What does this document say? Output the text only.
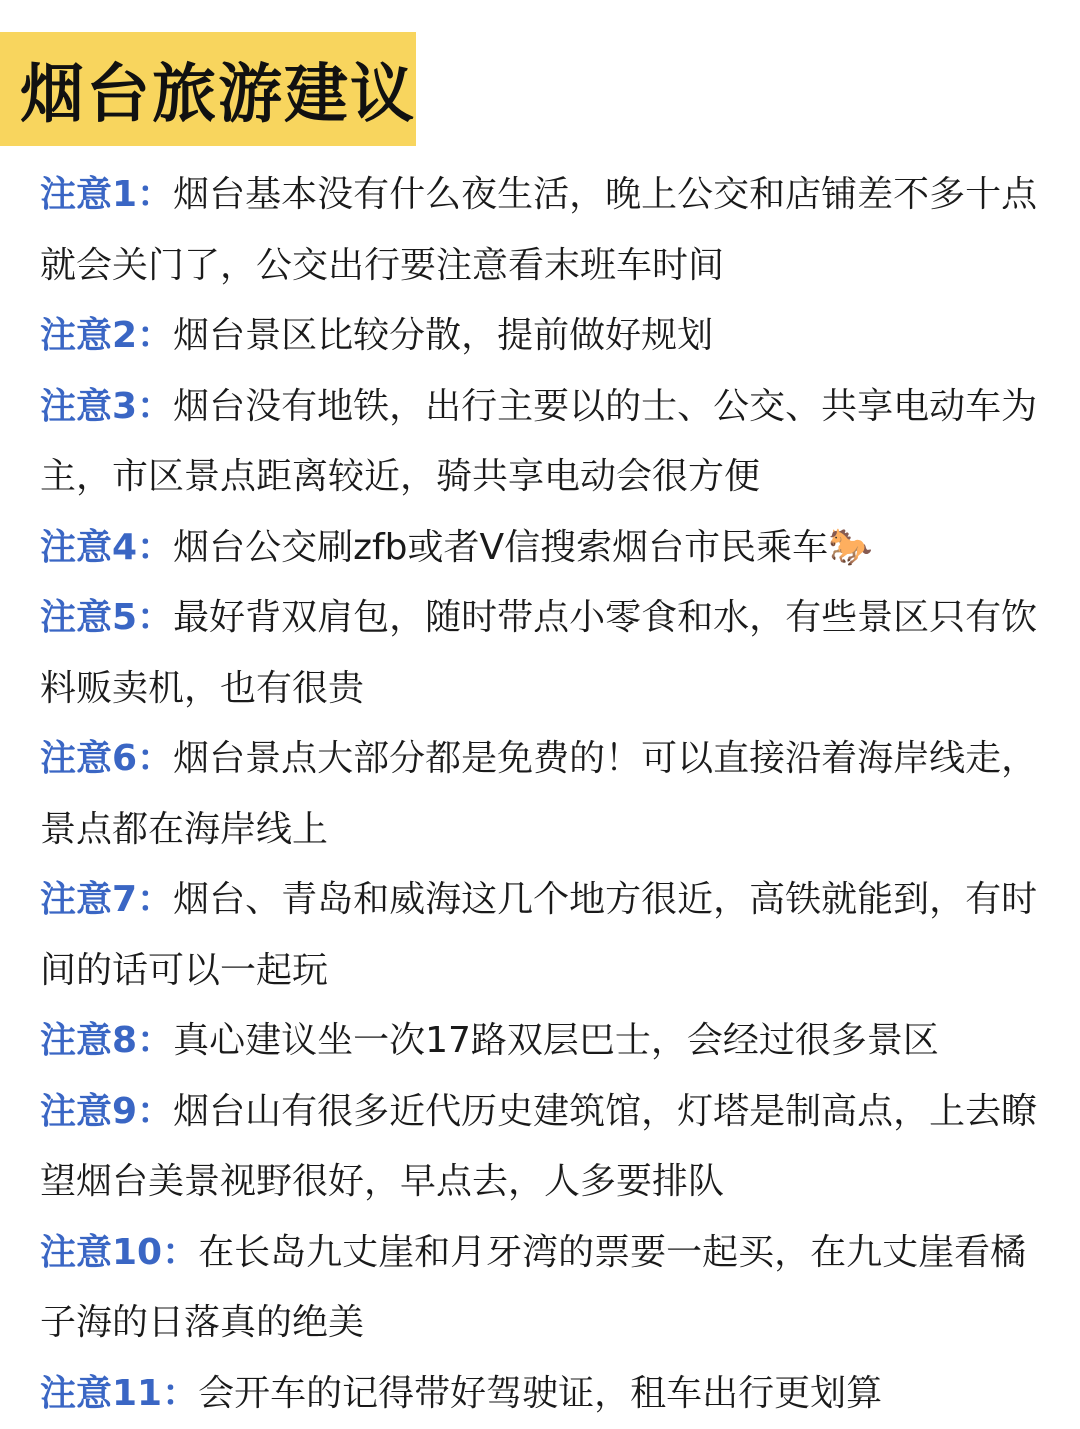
烟台旅游建议

注意1：烟台基本没有什么夜生活，晚上公交和店铺差不多十点就会关门了，公交出行要注意看末班车时间

注意2：烟台景区比较分散，提前做好规划

注意3：烟台没有地铁，出行主要以的士、公交、共享电动车为主，市区景点距离较近，骑共享电动会很方便

注意4：烟台公交刷zfb或者V信搜索烟台市民乘车🐎

注意5：最好背双肩包，随时带点小零食和水，有些景区只有饮料贩卖机，也有很贵

注意6：烟台景点大部分都是免费的！可以直接沿着海岸线走，景点都在海岸线上

注意7：烟台、青岛和威海这几个地方很近，高铁就能到，有时间的话可以一起玩

注意8：真心建议坐一次17路双层巴士，会经过很多景区

注意9：烟台山有很多近代历史建筑馆，灯塔是制高点，上去瞭望烟台美景视野很好，早点去，人多要排队

注意10：在长岛九丈崖和月牙湾的票要一起买，在九丈崖看橘子海的日落真的绝美

注意11：会开车的记得带好驾驶证，租车出行更划算
